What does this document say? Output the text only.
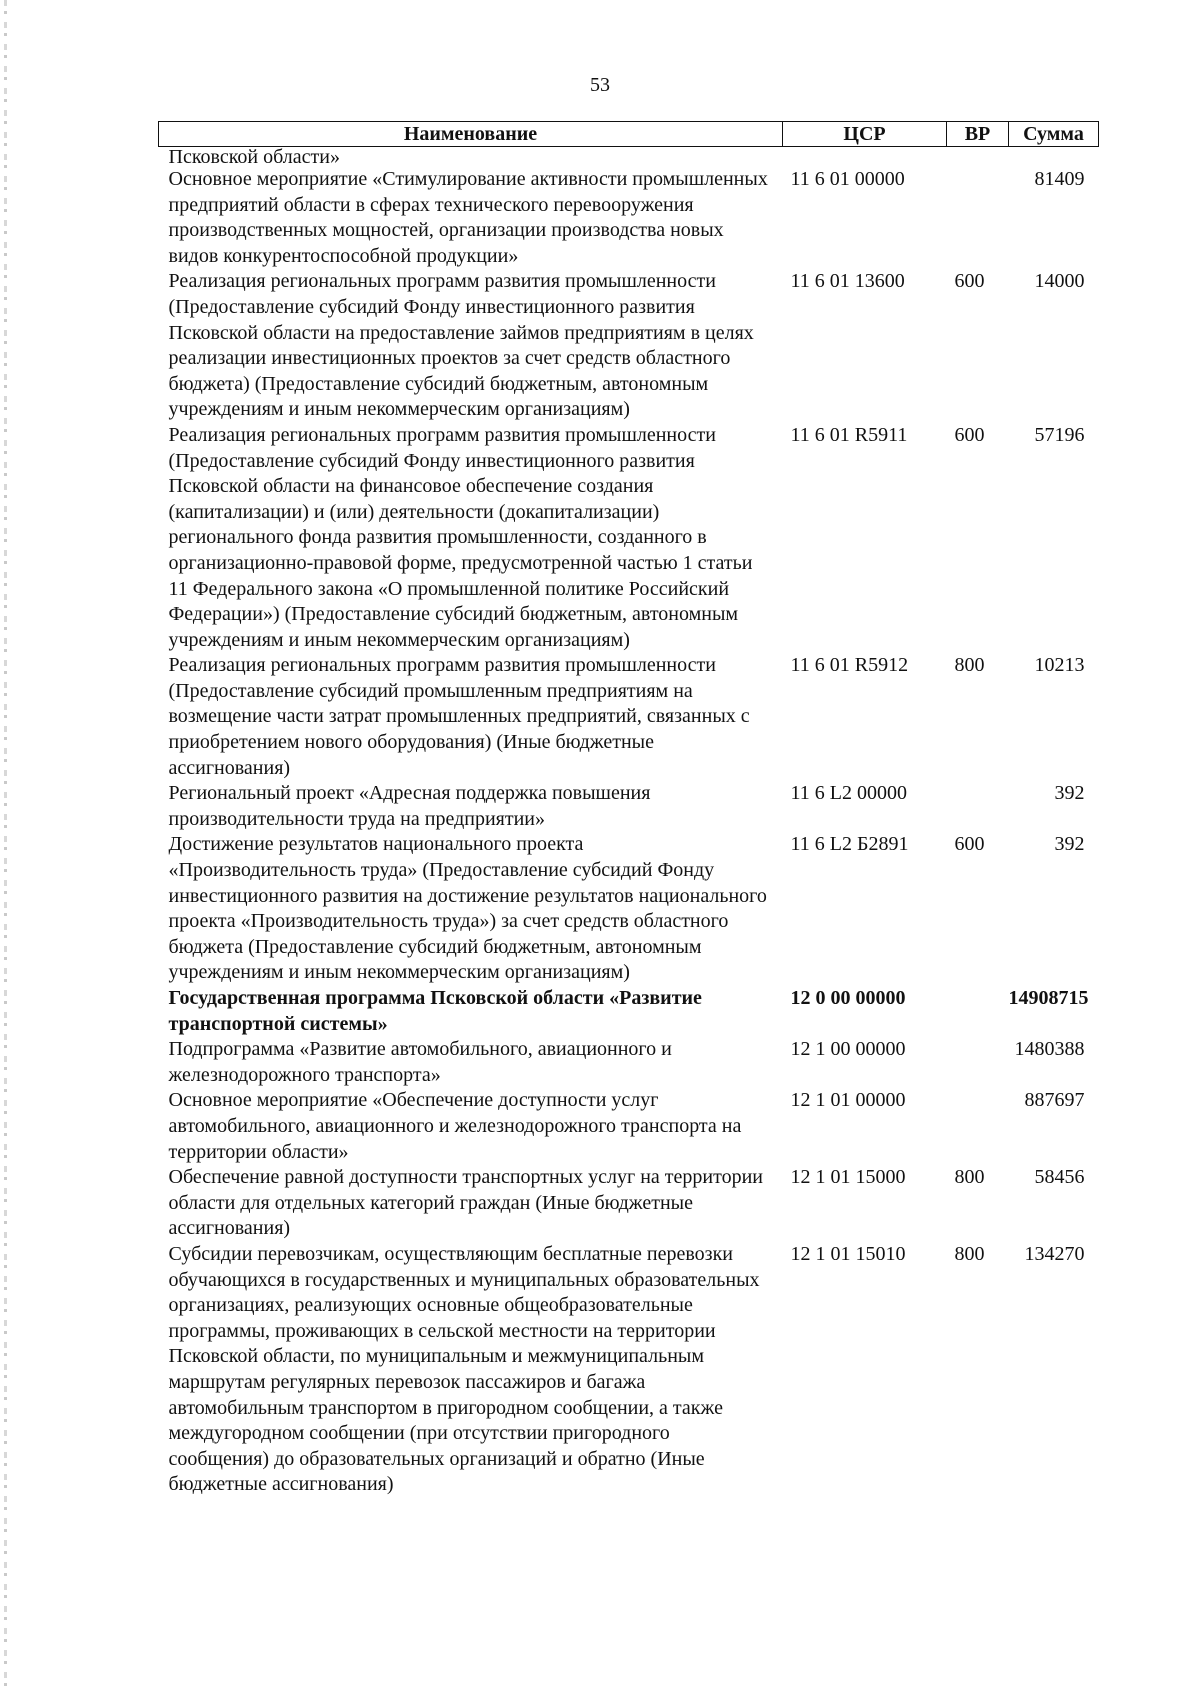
53
Наименование	ЦСР	ВР	Сумма
Псковской области»			
Основное мероприятие «Стимулирование активности промышленных предприятий области в сферах технического перевооружения производственных мощностей, организации производства новых видов конкурентоспособной продукции»	11 6 01 00000		81409
Реализация региональных программ развития промышленности (Предоставление субсидий Фонду инвестиционного развития Псковской области на предоставление займов предприятиям в целях реализации инвестиционных проектов за счет средств областного бюджета) (Предоставление субсидий бюджетным, автономным учреждениям и иным некоммерческим организациям)	11 6 01 13600	600	14000
Реализация региональных программ развития промышленности (Предоставление субсидий Фонду инвестиционного развития Псковской области на финансовое обеспечение создания (капитализации) и (или) деятельности (докапитализации) регионального фонда развития промышленности, созданного в организационно-правовой форме, предусмотренной частью 1 статьи 11 Федерального закона «О промышленной политике Российский Федерации») (Предоставление субсидий бюджетным, автономным учреждениям и иным некоммерческим организациям)	11 6 01 R5911	600	57196
Реализация региональных программ развития промышленности (Предоставление субсидий промышленным предприятиям на возмещение части затрат промышленных предприятий, связанных с приобретением нового оборудования) (Иные бюджетные ассигнования)	11 6 01 R5912	800	10213
Региональный проект «Адресная поддержка повышения производительности труда на предприятии»	11 6 L2 00000		392
Достижение результатов национального проекта «Производительность труда» (Предоставление субсидий Фонду инвестиционного развития на достижение результатов национального проекта «Производительность труда») за счет средств областного бюджета (Предоставление субсидий бюджетным, автономным учреждениям и иным некоммерческим организациям)	11 6 L2 Б2891	600	392
Государственная программа Псковской области «Развитие транспортной системы»	12 0 00 00000		14908715
Подпрограмма «Развитие автомобильного, авиационного и железнодорожного транспорта»	12 1 00 00000		1480388
Основное мероприятие «Обеспечение доступности услуг автомобильного, авиационного и железнодорожного транспорта на территории области»	12 1 01 00000		887697
Обеспечение равной доступности транспортных услуг на территории области для отдельных категорий граждан (Иные бюджетные ассигнования)	12 1 01 15000	800	58456
Субсидии перевозчикам, осуществляющим бесплатные перевозки обучающихся в государственных и муниципальных образовательных организациях, реализующих основные общеобразовательные программы, проживающих в сельской местности на территории Псковской области, по муниципальным и межмуниципальным маршрутам регулярных перевозок пассажиров и багажа автомобильным транспортом в пригородном сообщении, а также междугородном сообщении (при отсутствии пригородного сообщения) до образовательных организаций и обратно (Иные бюджетные ассигнования)	12 1 01 15010	800	134270
